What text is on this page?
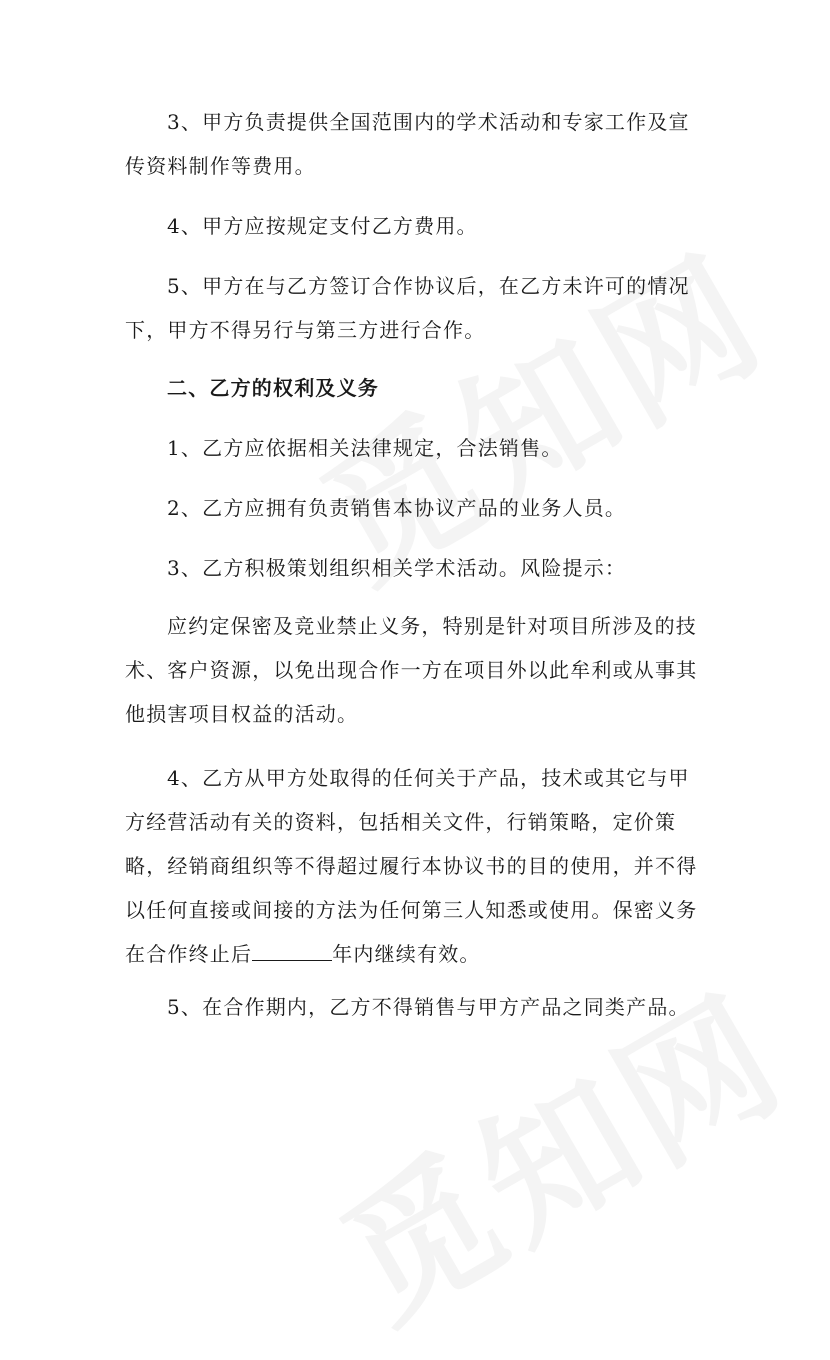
3、甲方负责提供全国范围内的学术活动和专家工作及宣传资料制作等费用。

4、甲方应按规定支付乙方费用。

5、甲方在与乙方签订合作协议后，在乙方未许可的情况下，甲方不得另行与第三方进行合作。

二、乙方的权利及义务

1、乙方应依据相关法律规定，合法销售。

2、乙方应拥有负责销售本协议产品的业务人员。

3、乙方积极策划组织相关学术活动。风险提示：

应约定保密及竞业禁止义务，特别是针对项目所涉及的技术、客户资源，以免出现合作一方在项目外以此牟利或从事其他损害项目权益的活动。

4、乙方从甲方处取得的任何关于产品，技术或其它与甲方经营活动有关的资料，包括相关文件，行销策略，定价策略，经销商组织等不得超过履行本协议书的目的使用，并不得以任何直接或间接的方法为任何第三人知悉或使用。保密义务在合作终止后	年内继续有效。

5、在合作期内，乙方不得销售与甲方产品之同类产品。
